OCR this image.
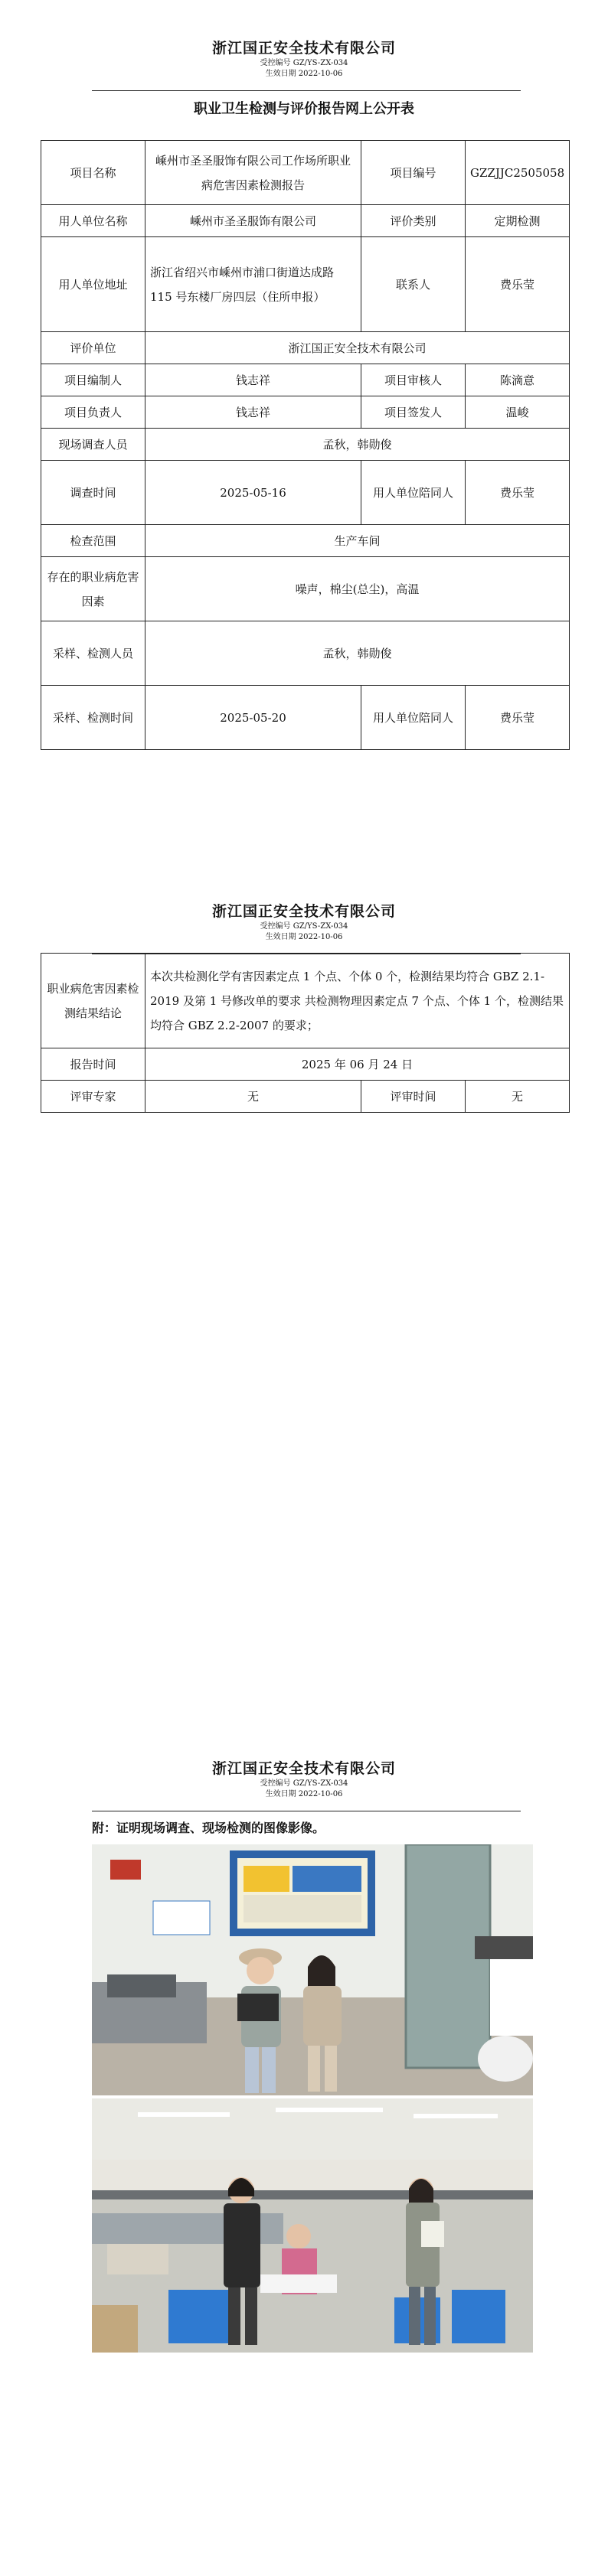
浙江国正安全技术有限公司
受控编号 GZ/YS-ZX-034
生效日期 2022-10-06
职业卫生检测与评价报告网上公开表
项目名称	嵊州市圣圣服饰有限公司工作场所职业病危害因素检测报告	项目编号	GZZJJC2505058
用人单位名称	嵊州市圣圣服饰有限公司	评价类别	定期检测
用人单位地址	浙江省绍兴市嵊州市浦口街道达成路 115 号东楼厂房四层（住所申报）	联系人	费乐莹
评价单位	浙江国正安全技术有限公司		
项目编制人	钱志祥	项目审核人	陈滴意
项目负责人	钱志祥	项目签发人	温峻
现场调查人员	孟秋，韩勋俊		
调查时间	2025-05-16	用人单位陪同人	费乐莹
检查范围	生产车间		
存在的职业病危害因素	噪声，棉尘(总尘)，高温		
采样、检测人员	孟秋，韩勋俊		
采样、检测时间	2025-05-20	用人单位陪同人	费乐莹
浙江国正安全技术有限公司
受控编号 GZ/YS-ZX-034
生效日期 2022-10-06
职业病危害因素检测结果结论	本次共检测化学有害因素定点 1 个点、个体 0 个，检测结果均符合 GBZ 2.1-2019 及第 1 号修改单的要求 共检测物理因素定点 7 个点、个体 1 个，检测结果均符合 GBZ 2.2-2007 的要求；		
报告时间	2025 年 06 月 24 日		
评审专家	无	评审时间	无
浙江国正安全技术有限公司
受控编号 GZ/YS-ZX-034
生效日期 2022-10-06
附：证明现场调查、现场检测的图像影像。
